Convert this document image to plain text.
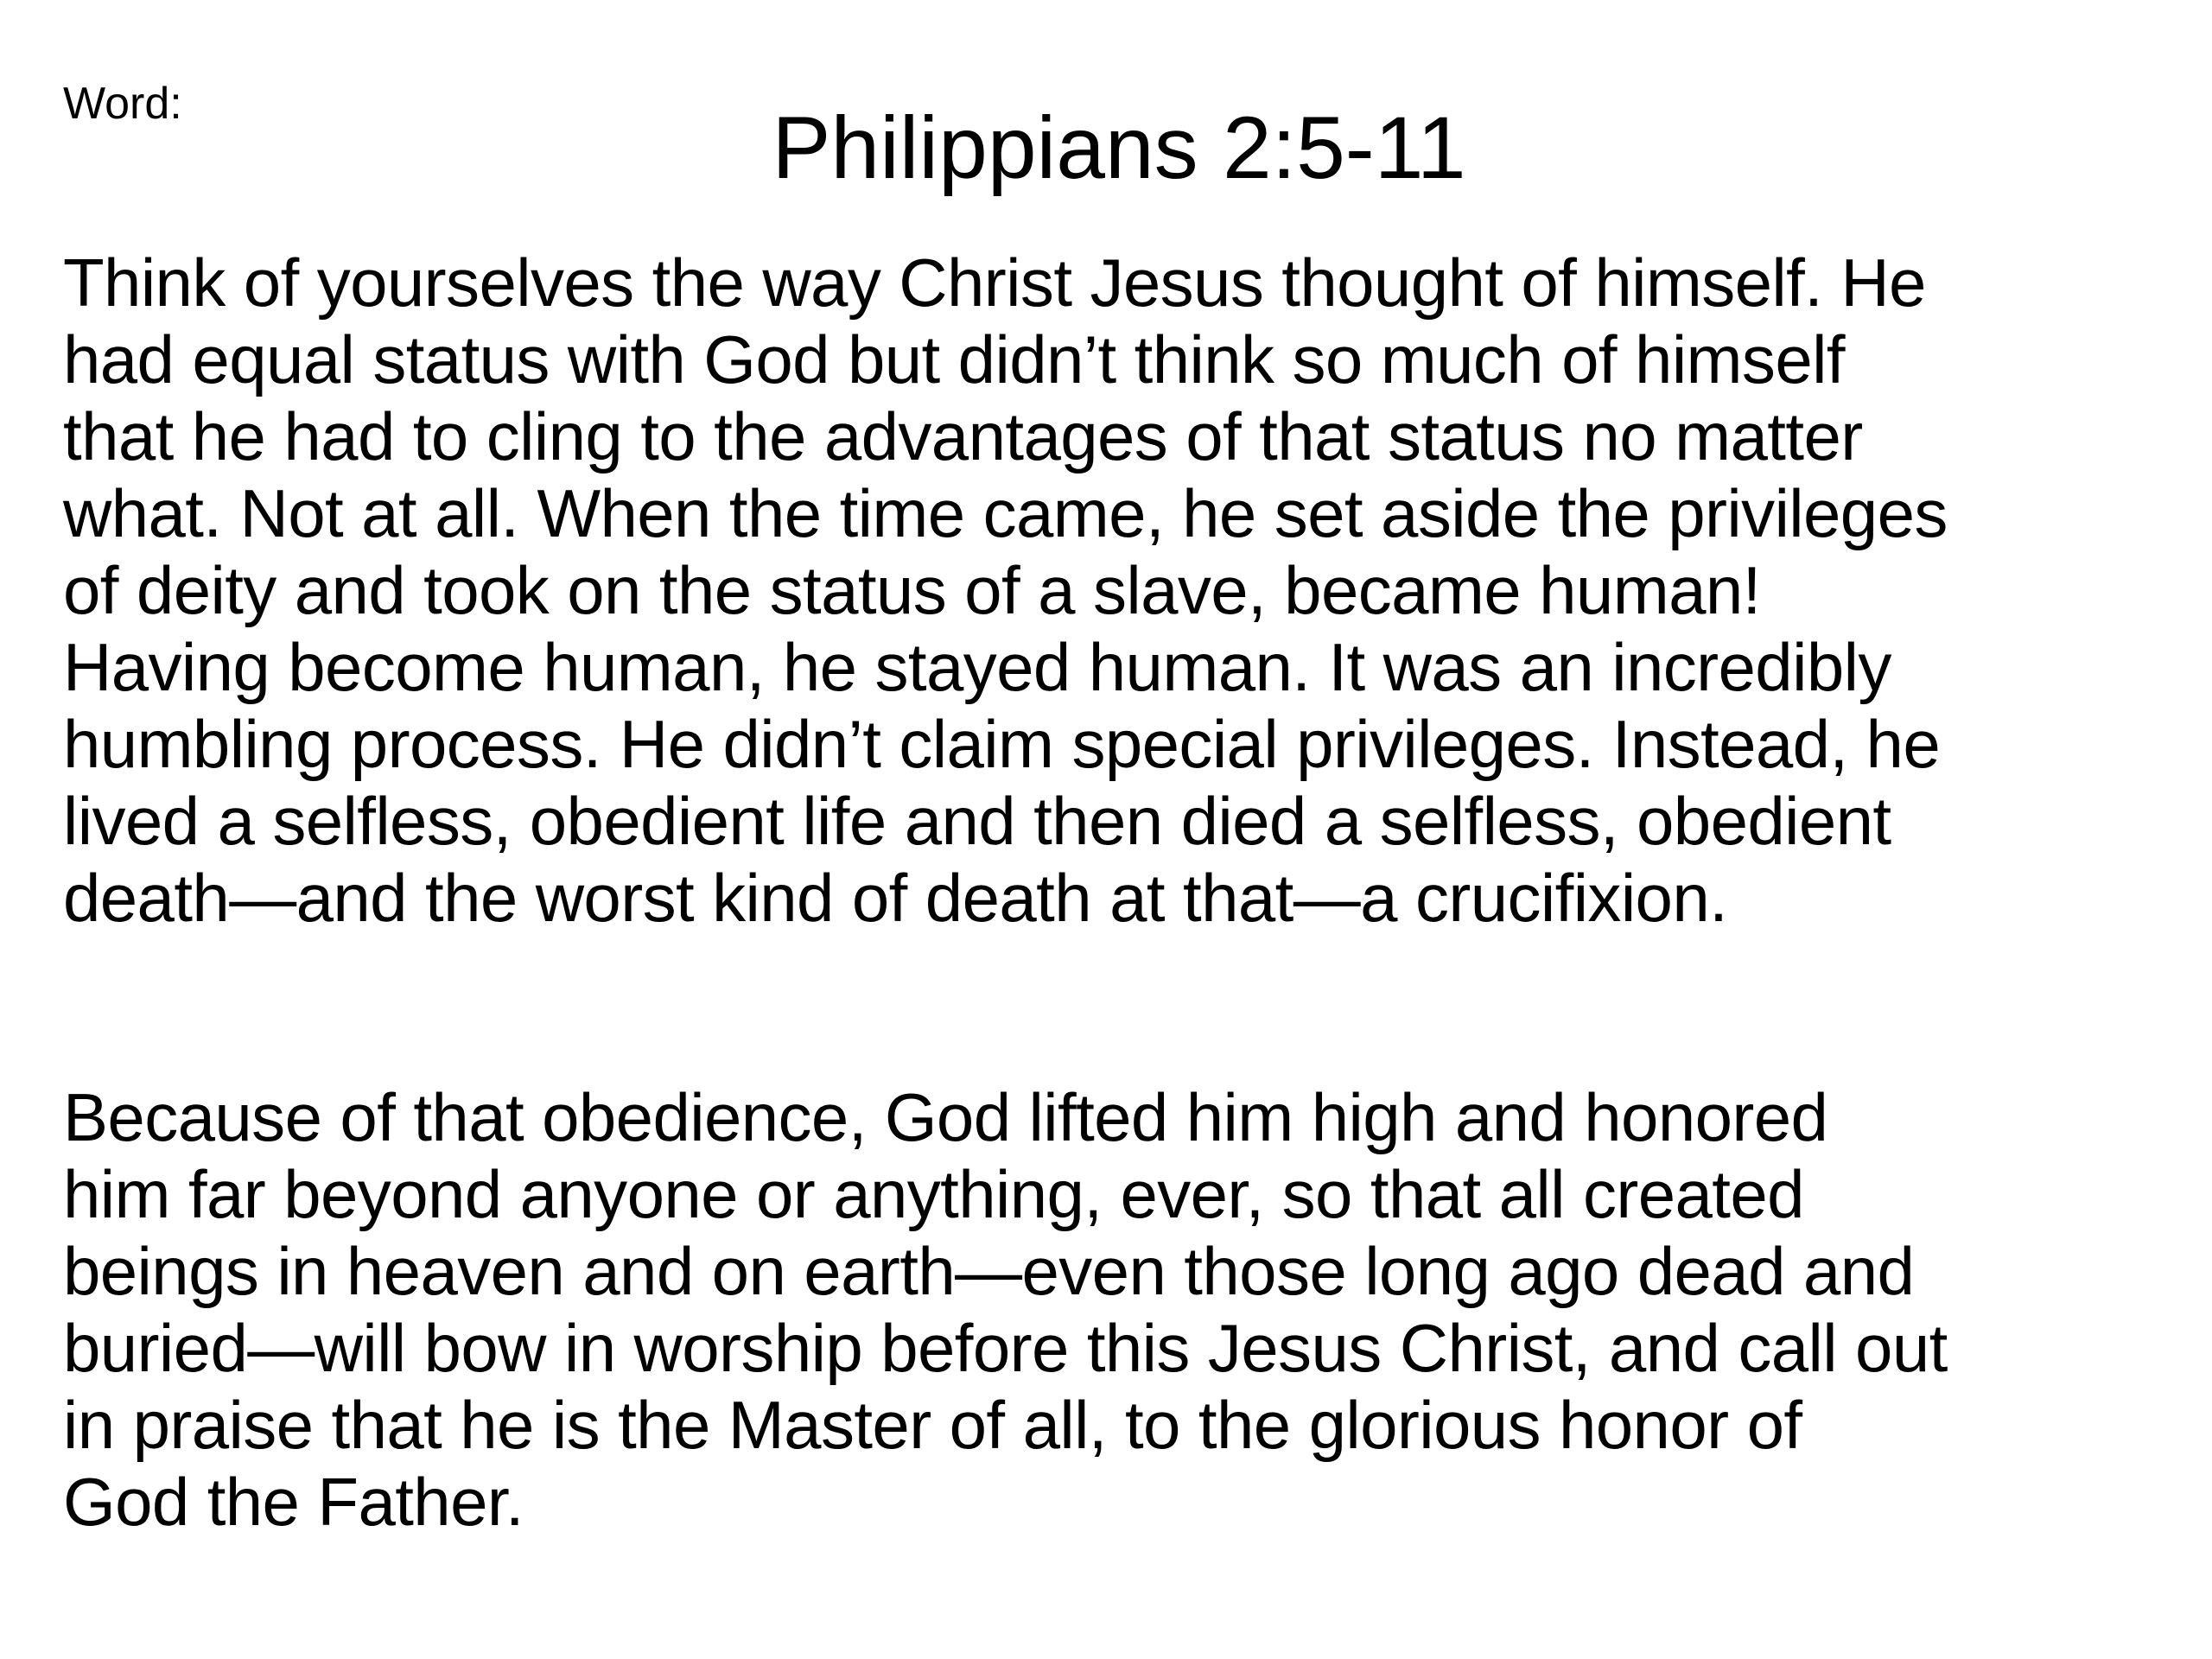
Word:	Philippians 2:5-11

Think of yourselves the way Christ Jesus thought of himself. He
had equal status with God but didn’t think so much of himself
that he had to cling to the advantages of that status no matter
what. Not at all. When the time came, he set aside the privileges
of deity and took on the status of a slave, became human!
Having become human, he stayed human. It was an incredibly
humbling process. He didn’t claim special privileges. Instead, he
lived a selfless, obedient life and then died a selfless, obedient
death—and the worst kind of death at that—a crucifixion.

Because of that obedience, God lifted him high and honored
him far beyond anyone or anything, ever, so that all created
beings in heaven and on earth—even those long ago dead and
buried—will bow in worship before this Jesus Christ, and call out
in praise that he is the Master of all, to the glorious honor of
God the Father.
